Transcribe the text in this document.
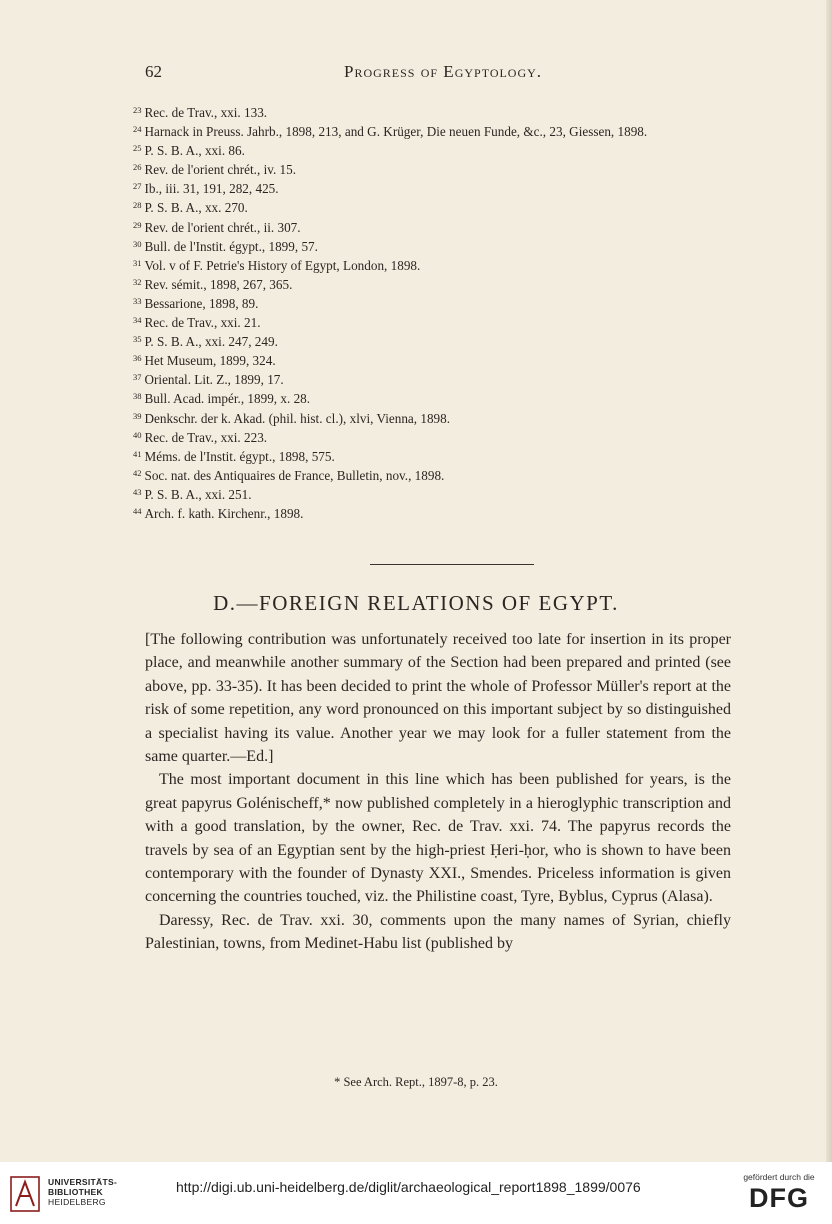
62	Progress of Egyptology.
$^{23}$ Rec. de Trav., xxi. 133.
$^{24}$ Harnack in Preuss. Jahrb., 1898, 213, and G. Krüger, Die neuen Funde, &c., 23, Giessen, 1898.
$^{25}$ P. S. B. A., xxi. 86.
$^{26}$ Rev. de l'orient chrét., iv. 15.
$^{27}$ Ib., iii. 31, 191, 282, 425.
$^{28}$ P. S. B. A., xx. 270.
$^{29}$ Rev. de l'orient chrét., ii. 307.
$^{30}$ Bull. de l'Instit. égypt., 1899, 57.
$^{31}$ Vol. v of F. Petrie's History of Egypt, London, 1898.
$^{32}$ Rev. sémit., 1898, 267, 365.
$^{33}$ Bessarione, 1898, 89.
$^{34}$ Rec. de Trav., xxi. 21.
$^{35}$ P. S. B. A., xxi. 247, 249.
$^{36}$ Het Museum, 1899, 324.
$^{37}$ Oriental. Lit. Z., 1899, 17.
$^{38}$ Bull. Acad. impér., 1899, x. 28.
$^{39}$ Denkschr. der k. Akad. (phil. hist. cl.), xlvi, Vienna, 1898.
$^{40}$ Rec. de Trav., xxi. 223.
$^{41}$ Méms. de l'Instit. égypt., 1898, 575.
$^{42}$ Soc. nat. des Antiquaires de France, Bulletin, nov., 1898.
$^{43}$ P. S. B. A., xxi. 251.
$^{44}$ Arch. f. kath. Kirchenr., 1898.
D.—FOREIGN RELATIONS OF EGYPT.

[The following contribution was unfortunately received too late for insertion in its proper place, and meanwhile another summary of the Section had been prepared and printed (see above, pp. 33-35). It has been decided to print the whole of Professor Müller's report at the risk of some repetition, any word pronounced on this important subject by so distinguished a specialist having its value. Another year we may look for a fuller statement from the same quarter.—Ed.]

The most important document in this line which has been published for years, is the great papyrus Golénischeff,* now published completely in a hieroglyphic transcription and with a good translation, by the owner, Rec. de Trav. xxi. 74. The papyrus records the travels by sea of an Egyptian sent by the high-priest Ḥeri-ḥor, who is shown to have been contemporary with the founder of Dynasty XXI., Smendes. Priceless information is given concerning the countries touched, viz. the Philistine coast, Tyre, Byblus, Cyprus (Alasa).

Daressy, Rec. de Trav. xxi. 30, comments upon the many names of Syrian, chiefly Palestinian, towns, from Medinet-Habu list (published by

* See Arch. Rept., 1897-8, p. 23.
UNIVERSITÄTS-
BIBLIOTHEK
HEIDELBERG
http://digi.ub.uni-heidelberg.de/diglit/archaeological_report1898_1899/0076
gefördert durch die
DFG
